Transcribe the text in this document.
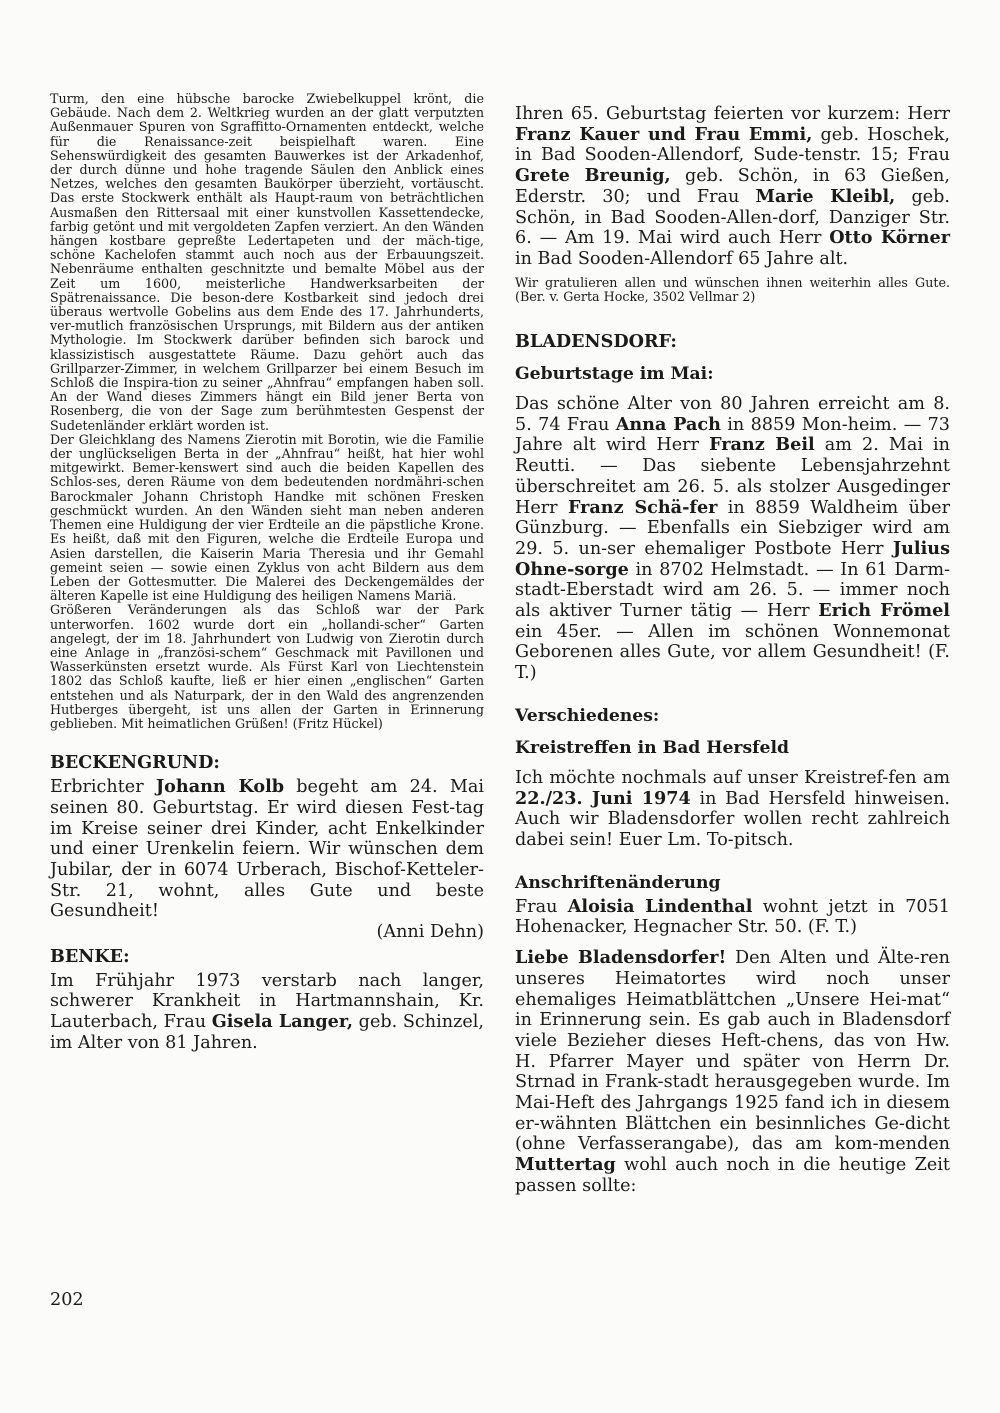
Turm, den eine hübsche barocke Zwiebelkuppel krönt, die Gebäude. Nach dem 2. Weltkrieg wurden an der glatt verputzten Außenmauer Spuren von Sgraffitto-Ornamenten entdeckt, welche für die Renaissance-zeit beispielhaft waren. Eine Sehenswürdigkeit des gesamten Bauwerkes ist der Arkadenhof, der durch dünne und hohe tragende Säulen den Anblick eines Netzes, welches den gesamten Baukörper überzieht, vortäuscht. Das erste Stockwerk enthält als Haupt-raum von beträchtlichen Ausmaßen den Rittersaal mit einer kunstvollen Kassettendecke, farbig getönt und mit vergoldeten Zapfen verziert. An den Wänden hängen kostbare gepreßte Ledertapeten und der mäch-tige, schöne Kachelofen stammt auch noch aus der Erbauungszeit. Nebenräume enthalten geschnitzte und bemalte Möbel aus der Zeit um 1600, meisterliche Handwerksarbeiten der Spätrenaissance. Die beson-dere Kostbarkeit sind jedoch drei überaus wertvolle Gobelins aus dem Ende des 17. Jahrhunderts, ver-mutlich französischen Ursprungs, mit Bildern aus der antiken Mythologie. Im Stockwerk darüber befinden sich barock und klassizistisch ausgestattete Räume. Dazu gehört auch das Grillparzer-Zimmer, in welchem Grillparzer bei einem Besuch im Schloß die Inspira-tion zu seiner „Ahnfrau“ empfangen haben soll. An der Wand dieses Zimmers hängt ein Bild jener Berta von Rosenberg, die von der Sage zum berühmtesten Gespenst der Sudetenländer erklärt worden ist.

Der Gleichklang des Namens Zierotin mit Borotin, wie die Familie der unglückseligen Berta in der „Ahnfrau“ heißt, hat hier wohl mitgewirkt. Bemer-kenswert sind auch die beiden Kapellen des Schlos-ses, deren Räume von dem bedeutenden nordmähri-schen Barockmaler Johann Christoph Handke mit schönen Fresken geschmückt wurden. An den Wänden sieht man neben anderen Themen eine Huldigung der vier Erdteile an die päpstliche Krone. Es heißt, daß mit den Figuren, welche die Erdteile Europa und Asien darstellen, die Kaiserin Maria Theresia und ihr Gemahl gemeint seien — sowie einen Zyklus von acht Bildern aus dem Leben der Gottesmutter. Die Malerei des Deckengemäldes der älteren Kapelle ist eine Huldigung des heiligen Namens Mariä.

Größeren Veränderungen als das Schloß war der Park unterworfen. 1602 wurde dort ein „hollandi-scher“ Garten angelegt, der im 18. Jahrhundert von Ludwig von Zierotin durch eine Anlage in „französi-schem“ Geschmack mit Pavillonen und Wasserkünsten ersetzt wurde. Als Fürst Karl von Liechtenstein 1802 das Schloß kaufte, ließ er hier einen „englischen“ Garten entstehen und als Naturpark, der in den Wald des angrenzenden Hutberges übergeht, ist uns allen der Garten in Erinnerung geblieben. Mit heimatlichen Grüßen! (Fritz Hückel)

BECKENGRUND:

Erbrichter Johann Kolb begeht am 24. Mai seinen 80. Geburtstag. Er wird diesen Fest-tag im Kreise seiner drei Kinder, acht Enkelkinder und einer Urenkelin feiern. Wir wünschen dem Jubilar, der in 6074 Urberach, Bischof-Ketteler-Str. 21, wohnt, alles Gute und beste Gesundheit!

(Anni Dehn)

BENKE:

Im Frühjahr 1973 verstarb nach langer, schwerer Krankheit in Hartmannshain, Kr. Lauterbach, Frau Gisela Langer, geb. Schinzel, im Alter von 81 Jahren.

Ihren 65. Geburtstag feierten vor kurzem: Herr Franz Kauer und Frau Emmi, geb. Hoschek, in Bad Sooden-Allendorf, Sude-tenstr. 15; Frau Grete Breunig, geb. Schön, in 63 Gießen, Ederstr. 30; und Frau Marie Kleibl, geb. Schön, in Bad Sooden-Allen-dorf, Danziger Str. 6. — Am 19. Mai wird auch Herr Otto Körner in Bad Sooden-Allendorf 65 Jahre alt.

Wir gratulieren allen und wünschen ihnen weiterhin alles Gute. (Ber. v. Gerta Hocke, 3502 Vellmar 2)

BLADENSDORF:

Geburtstage im Mai:

Das schöne Alter von 80 Jahren erreicht am 8. 5. 74 Frau Anna Pach in 8859 Mon-heim. — 73 Jahre alt wird Herr Franz Beil am 2. Mai in Reutti. — Das siebente Lebensjahrzehnt überschreitet am 26. 5. als stolzer Ausgedinger Herr Franz Schä-fer in 8859 Waldheim über Günzburg. — Ebenfalls ein Siebziger wird am 29. 5. un-ser ehemaliger Postbote Herr Julius Ohne-sorge in 8702 Helmstadt. — In 61 Darm-stadt-Eberstadt wird am 26. 5. — immer noch als aktiver Turner tätig — Herr Erich Frömel ein 45er. — Allen im schönen Wonnemonat Geborenen alles Gute, vor allem Gesundheit! (F. T.)

Verschiedenes:

Kreistreffen in Bad Hersfeld

Ich möchte nochmals auf unser Kreistref-fen am 22./23. Juni 1974 in Bad Hersfeld hinweisen. Auch wir Bladensdorfer wollen recht zahlreich dabei sein! Euer Lm. To-pitsch.

Anschriftenänderung

Frau Aloisia Lindenthal wohnt jetzt in 7051 Hohenacker, Hegnacher Str. 50. (F. T.)

Liebe Bladensdorfer! Den Alten und Älte-ren unseres Heimatortes wird noch unser ehemaliges Heimatblättchen „Unsere Hei-mat“ in Erinnerung sein. Es gab auch in Bladensdorf viele Bezieher dieses Heft-chens, das von Hw. H. Pfarrer Mayer und später von Herrn Dr. Strnad in Frank-stadt herausgegeben wurde. Im Mai-Heft des Jahrgangs 1925 fand ich in diesem er-wähnten Blättchen ein besinnliches Ge-dicht (ohne Verfasserangabe), das am kom-menden Muttertag wohl auch noch in die heutige Zeit passen sollte:

202
